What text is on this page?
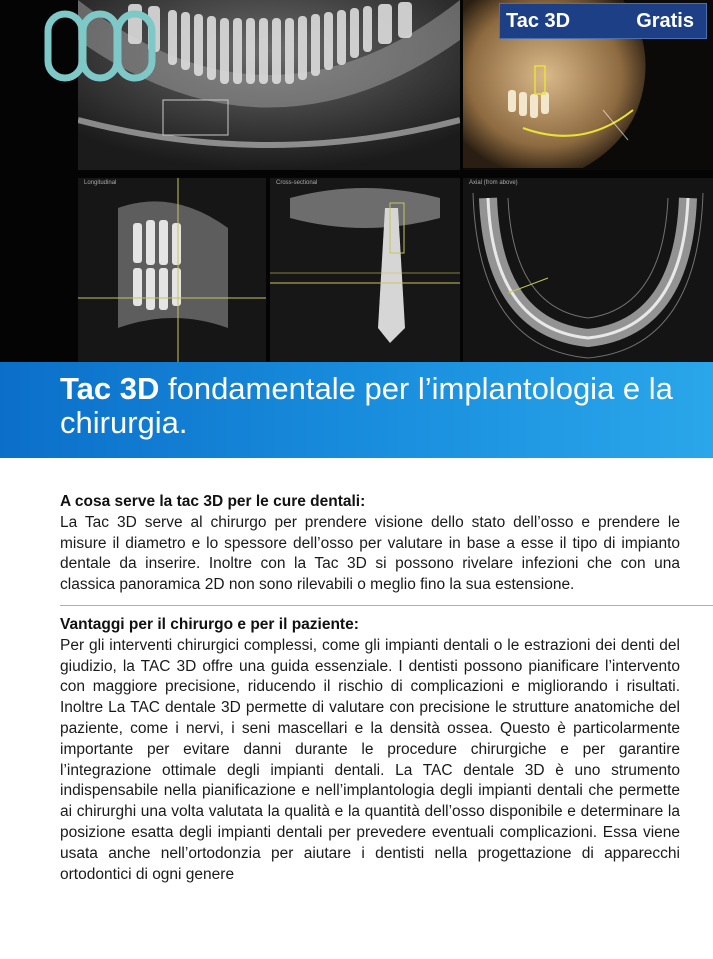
Longitudinal	Cross-sectional	Axial (from above)
Tac 3D	Gratis
Tac 3D fondamentale per l’implantologia e la chirurgia.
A cosa serve la tac 3D per le cure dentali:

La Tac 3D serve al chirurgo per prendere visione dello stato dell’osso e prendere le misure il diametro e lo spessore dell’osso per valutare in base a esse il tipo di impianto dentale da inserire. Inoltre con la Tac 3D si possono rivelare infezioni che con una classica panoramica 2D non sono rilevabili o meglio fino la sua estensione.

Vantaggi per il chirurgo e per il paziente:

Per gli interventi chirurgici complessi, come gli impianti dentali o le estrazioni dei denti del giudizio, la TAC 3D offre una guida essenziale. I dentisti possono pianificare l’intervento con maggiore precisione, riducendo il rischio di complicazioni e migliorando i risultati. Inoltre La TAC dentale 3D permette di valutare con precisione le strutture anatomiche del paziente, come i nervi, i seni mascellari e la densità ossea. Questo è particolarmente importante per evitare danni durante le procedure chirurgiche e per garantire l’integrazione ottimale degli impianti dentali. La TAC dentale 3D è uno strumento indispensabile nella pianificazione e nell’implantologia degli impianti dentali che permette ai chirurghi una volta valutata la qualità e la quantità dell’osso disponibile e determinare la posizione esatta degli impianti dentali per prevedere eventuali complicazioni. Essa viene usata anche nell’ortodonzia per aiutare i dentisti nella progettazione di apparecchi ortodontici di ogni genere
